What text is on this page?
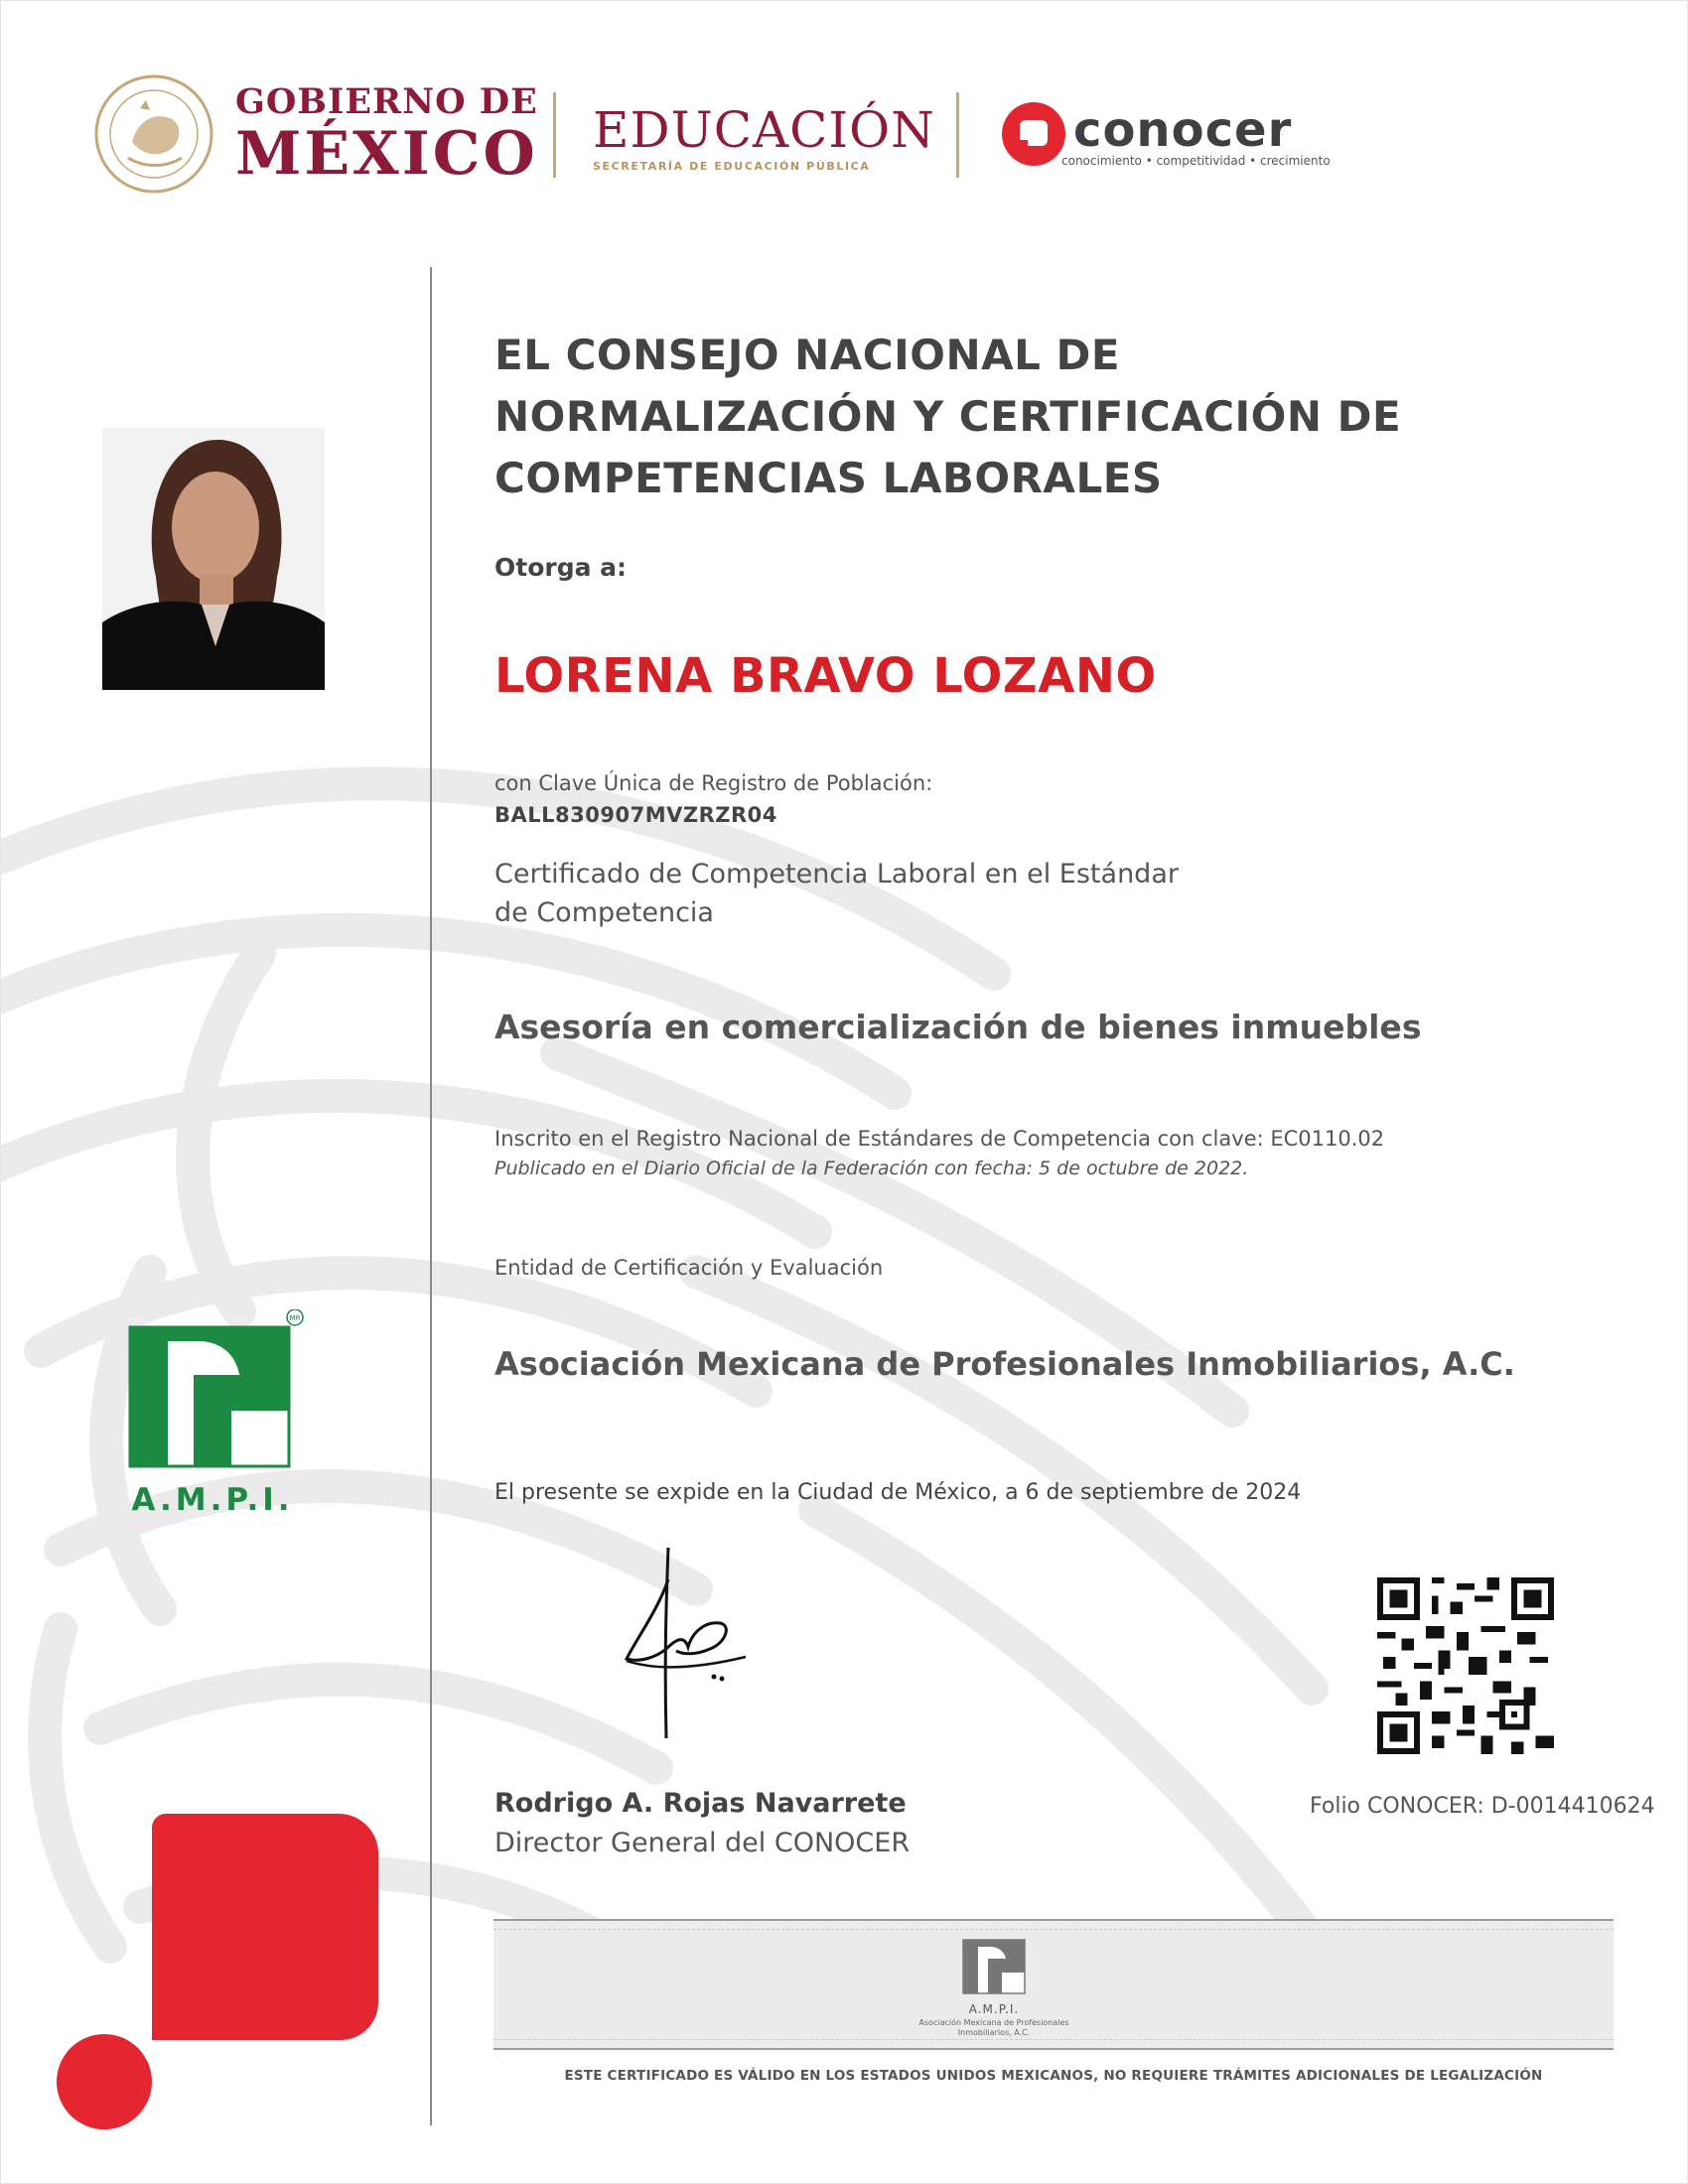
GOBIERNO DE
MÉXICO EDUCACIÓN
SECRETARÍA DE EDUCACIÓN PÚBLICA
conocer
conocimiento • competitividad • crecimiento
EL CONSEJO NACIONAL DE
NORMALIZACIÓN Y CERTIFICACIÓN DE
COMPETENCIAS LABORALES
Otorga a:
LORENA BRAVO LOZANO
con Clave Única de Registro de Población:
BALL830907MVZRZR04
Certificado de Competencia Laboral en el Estándar
de Competencia
Asesoría en comercialización de bienes inmuebles
Inscrito en el Registro Nacional de Estándares de Competencia con clave: EC0110.02
Publicado en el Diario Oficial de la Federación con fecha: 5 de octubre de 2022.
Entidad de Certificación y Evaluación
Asociación Mexicana de Profesionales Inmobiliarios, A.C.
El presente se expide en la Ciudad de México, a 6 de septiembre de 2024
Rodrigo A. Rojas Navarrete
Director General del CONOCER
Folio CONOCER: D-0014410624
MR
A.M.P.I.
A.M.P.I.
Asociación Mexicana de Profesionales Inmobiliarios, A.C.
ESTE CERTIFICADO ES VÁLIDO EN LOS ESTADOS UNIDOS MEXICANOS, NO REQUIERE TRÁMITES ADICIONALES DE LEGALIZACIÓN
